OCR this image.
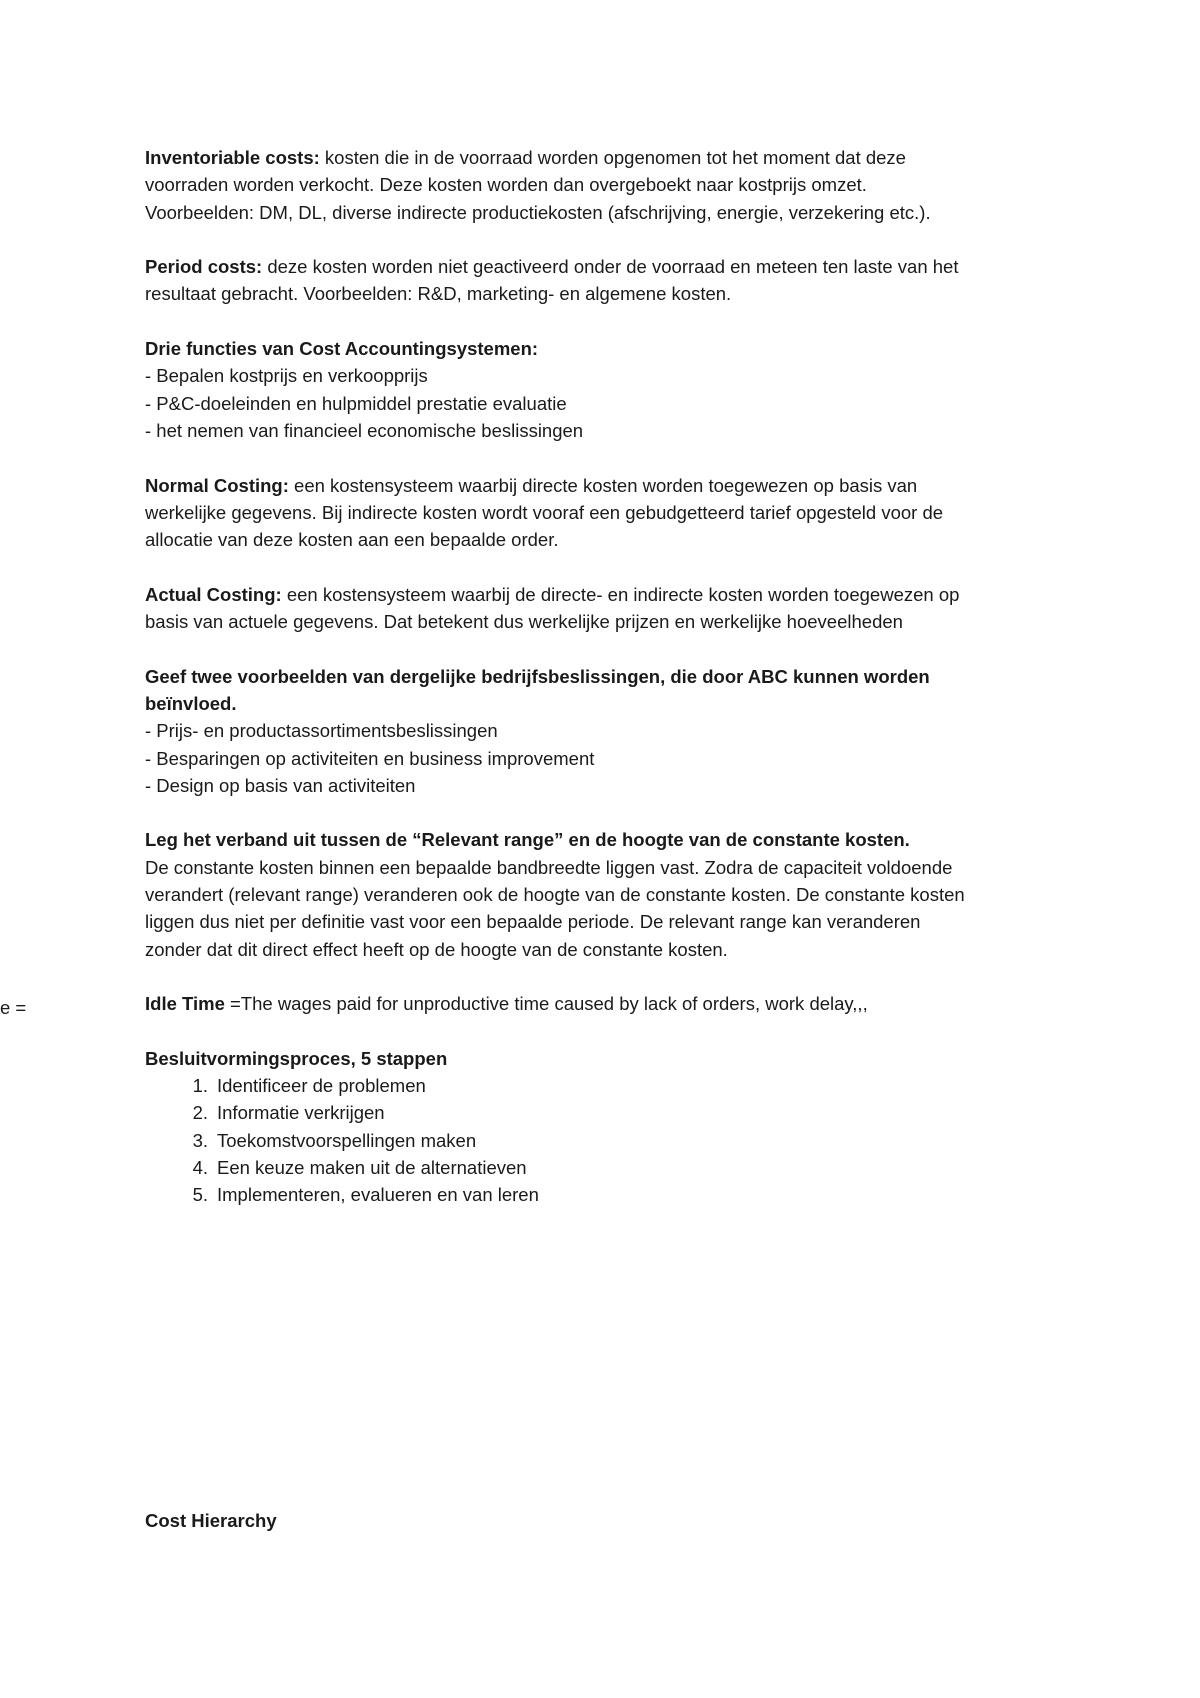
e =
Inventoriable costs: kosten die in de voorraad worden opgenomen tot het moment dat deze
voorraden worden verkocht. Deze kosten worden dan overgeboekt naar kostprijs omzet.
Voorbeelden: DM, DL, diverse indirecte productiekosten (afschrijving, energie, verzekering etc.).
Period costs: deze kosten worden niet geactiveerd onder de voorraad en meteen ten laste van het
resultaat gebracht. Voorbeelden: R&D, marketing- en algemene kosten.
Drie functies van Cost Accountingsystemen:
- Bepalen kostprijs en verkoopprijs
- P&C-doeleinden en hulpmiddel prestatie evaluatie
- het nemen van financieel economische beslissingen
Normal Costing: een kostensysteem waarbij directe kosten worden toegewezen op basis van
werkelijke gegevens. Bij indirecte kosten wordt vooraf een gebudgetteerd tarief opgesteld voor de
allocatie van deze kosten aan een bepaalde order.
Actual Costing: een kostensysteem waarbij de directe- en indirecte kosten worden toegewezen op
basis van actuele gegevens. Dat betekent dus werkelijke prijzen en werkelijke hoeveelheden
Geef twee voorbeelden van dergelijke bedrijfsbeslissingen, die door ABC kunnen worden
beïnvloed.
- Prijs- en productassortimentsbeslissingen
- Besparingen op activiteiten en business improvement
- Design op basis van activiteiten
Leg het verband uit tussen de “Relevant range” en de hoogte van de constante kosten.
De constante kosten binnen een bepaalde bandbreedte liggen vast. Zodra de capaciteit voldoende
verandert (relevant range) veranderen ook de hoogte van de constante kosten. De constante kosten
liggen dus niet per definitie vast voor een bepaalde periode. De relevant range kan veranderen
zonder dat dit direct effect heeft op de hoogte van de constante kosten.
Idle Time =The wages paid for unproductive time caused by lack of orders, work delay,,,
Besluitvormingsproces, 5 stappen
1. Identificeer de problemen
2. Informatie verkrijgen
3. Toekomstvoorspellingen maken
4. Een keuze maken uit de alternatieven
5. Implementeren, evalueren en van leren
Cost Hierarchy
